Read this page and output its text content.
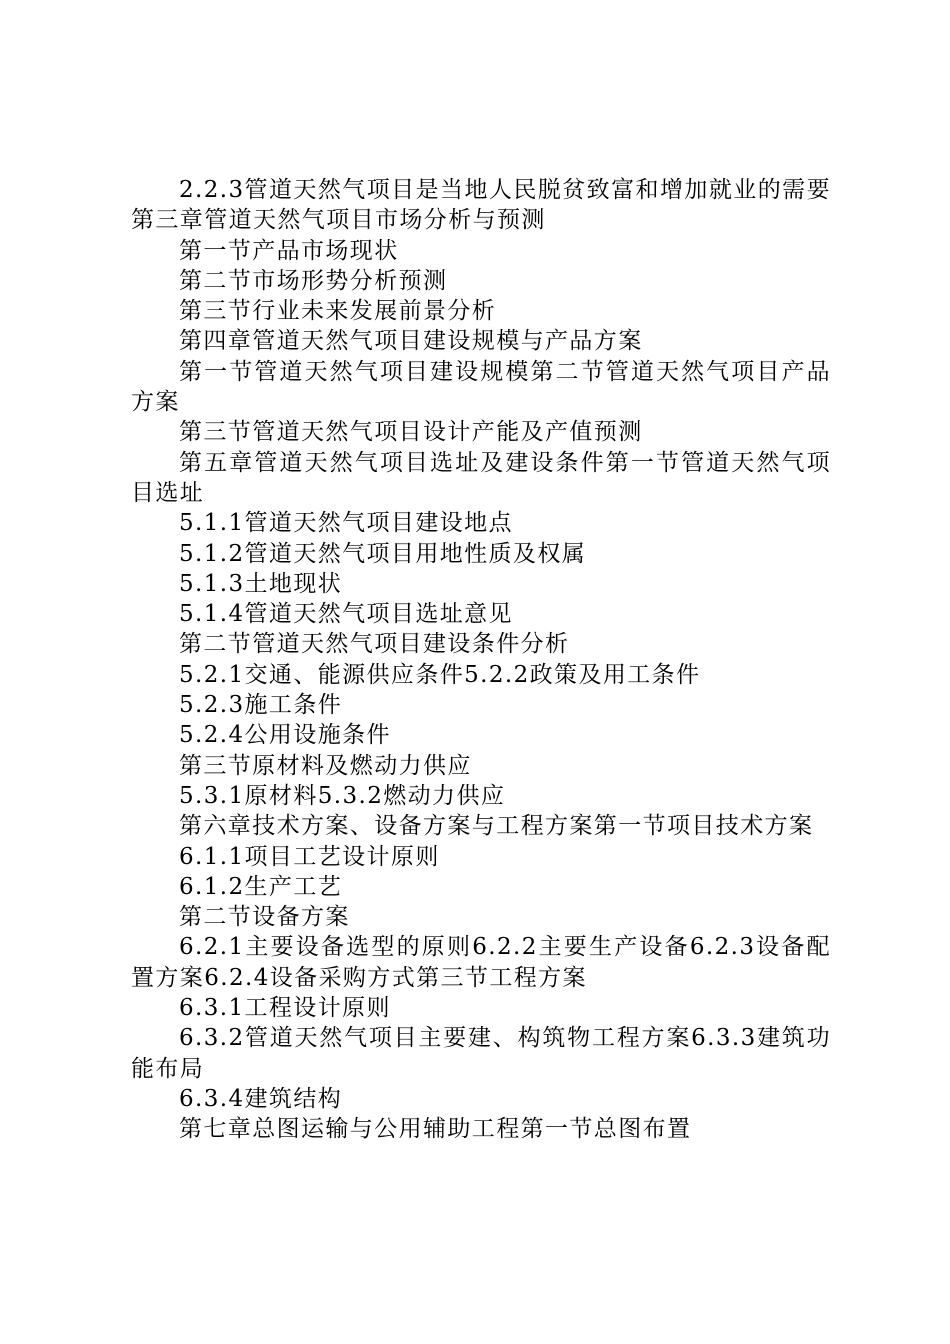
2.2.3管道天然气项目是当地人民脱贫致富和增加就业的需要第三章管道天然气项目市场分析与预测

第一节产品市场现状

第二节市场形势分析预测

第三节行业未来发展前景分析

第四章管道天然气项目建设规模与产品方案

第一节管道天然气项目建设规模第二节管道天然气项目产品方案

第三节管道天然气项目设计产能及产值预测

第五章管道天然气项目选址及建设条件第一节管道天然气项目选址

5.1.1管道天然气项目建设地点

5.1.2管道天然气项目用地性质及权属

5.1.3土地现状

5.1.4管道天然气项目选址意见

第二节管道天然气项目建设条件分析

5.2.1交通、能源供应条件5.2.2政策及用工条件

5.2.3施工条件

5.2.4公用设施条件

第三节原材料及燃动力供应

5.3.1原材料5.3.2燃动力供应

第六章技术方案、设备方案与工程方案第一节项目技术方案

6.1.1项目工艺设计原则

6.1.2生产工艺

第二节设备方案

6.2.1主要设备选型的原则6.2.2主要生产设备6.2.3设备配置方案6.2.4设备采购方式第三节工程方案

6.3.1工程设计原则

6.3.2管道天然气项目主要建、构筑物工程方案6.3.3建筑功能布局

6.3.4建筑结构

第七章总图运输与公用辅助工程第一节总图布置
